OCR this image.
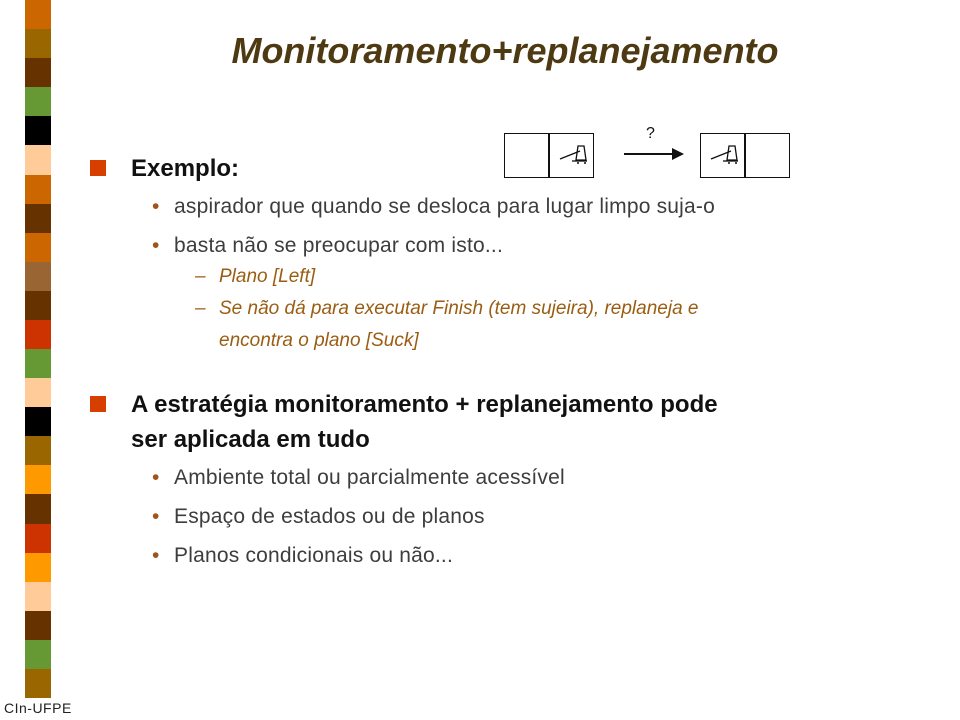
Monitoramento+replanejamento
?
Exemplo:
• aspirador que quando se desloca para lugar limpo suja-o
• basta não se preocupar com isto...
– Plano [Left]
– Se não dá para executar Finish (tem sujeira), replaneja e
encontra o plano [Suck]
A estratégia monitoramento + replanejamento pode
ser aplicada em tudo
• Ambiente total ou parcialmente acessível
• Espaço de estados ou de planos
• Planos condicionais ou não...
CIn-UFPE
